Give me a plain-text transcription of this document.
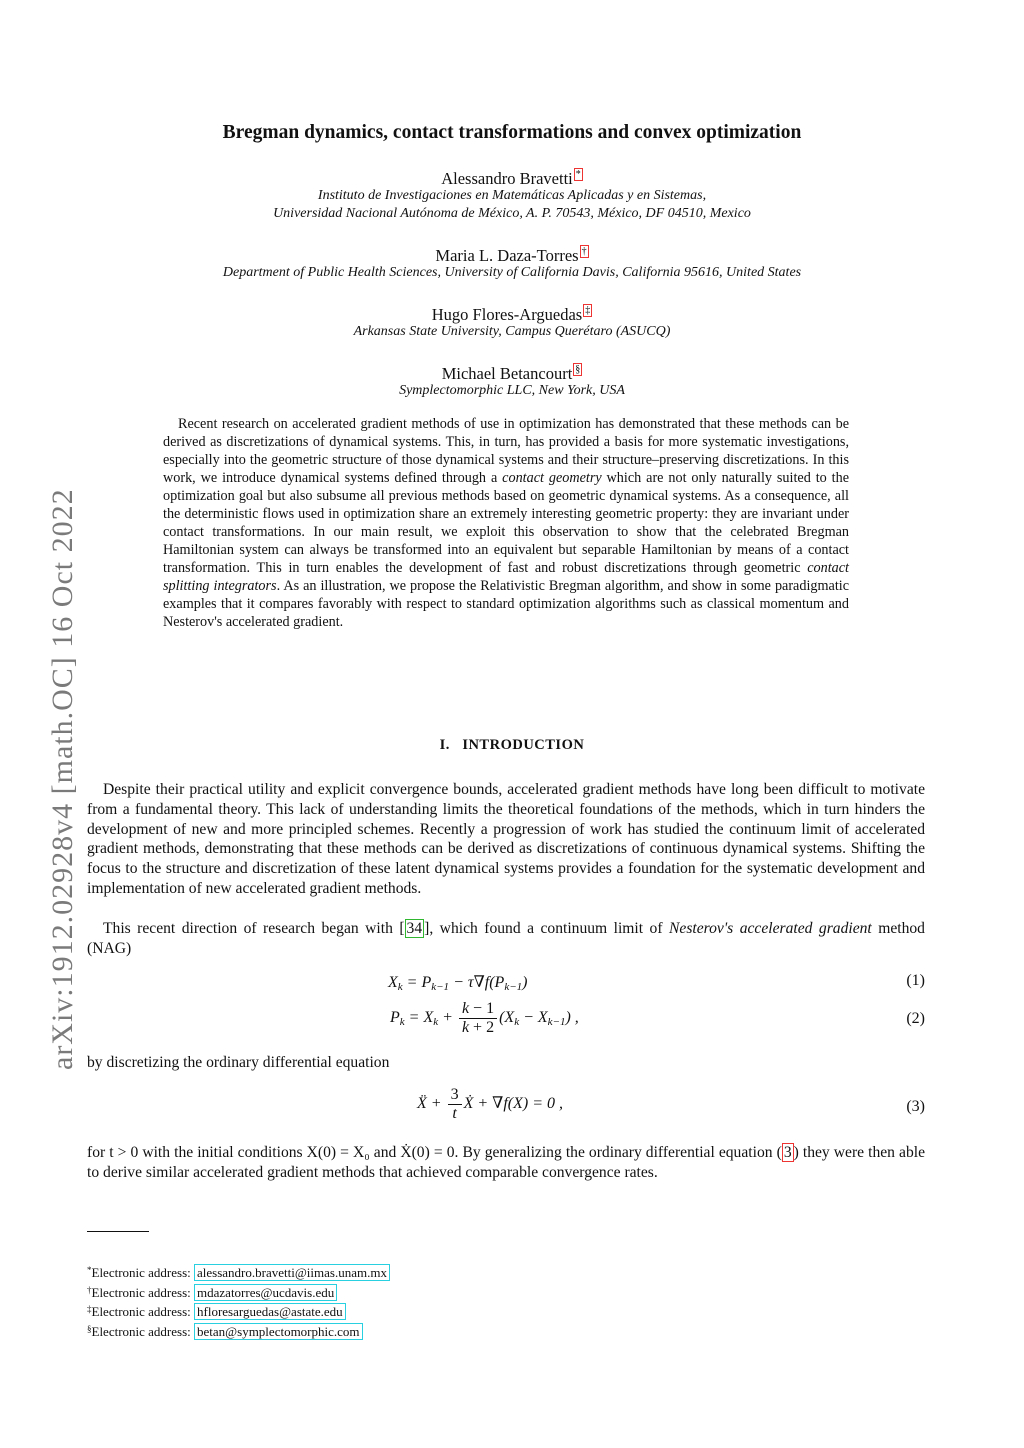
arXiv:1912.02928v4 [math.OC] 16 Oct 2022
Bregman dynamics, contact transformations and convex optimization
Alessandro Bravetti *
Instituto de Investigaciones en Matemáticas Aplicadas y en Sistemas,
Universidad Nacional Autónoma de México, A. P. 70543, México, DF 04510, Mexico
Maria L. Daza-Torres †
Department of Public Health Sciences, University of California Davis, California 95616, United States
Hugo Flores-Arguedas ‡
Arkansas State University, Campus Querétaro (ASUCQ)
Michael Betancourt §
Symplectomorphic LLC, New York, USA

Recent research on accelerated gradient methods of use in optimization has demonstrated that these methods can be derived as discretizations of dynamical systems. This, in turn, has provided a basis for more systematic investigations, especially into the geometric structure of those dynamical systems and their structure–preserving discretizations. In this work, we introduce dynamical systems defined through a contact geometry which are not only naturally suited to the optimization goal but also subsume all previous methods based on geometric dynamical systems. As a consequence, all the deterministic flows used in optimization share an extremely interesting geometric property: they are invariant under contact transformations. In our main result, we exploit this observation to show that the celebrated Bregman Hamiltonian system can always be transformed into an equivalent but separable Hamiltonian by means of a contact transformation. This in turn enables the development of fast and robust discretizations through geometric contact splitting integrators. As an illustration, we propose the Relativistic Bregman algorithm, and show in some paradigmatic examples that it compares favorably with respect to standard optimization algorithms such as classical momentum and Nesterov's accelerated gradient.

I. INTRODUCTION

Despite their practical utility and explicit convergence bounds, accelerated gradient methods have long been difficult to motivate from a fundamental theory. This lack of understanding limits the theoretical foundations of the methods, which in turn hinders the development of new and more principled schemes. Recently a progression of work has studied the continuum limit of accelerated gradient methods, demonstrating that these methods can be derived as discretizations of continuous dynamical systems. Shifting the focus to the structure and discretization of these latent dynamical systems provides a foundation for the systematic development and implementation of new accelerated gradient methods.

This recent direction of research began with [ 34 ], which found a continuum limit of Nesterov's accelerated gradient method (NAG)

Xk = Pk−1 − τ∇f(Pk−1)	(1)
$Pk = Xk + \frac{k - 1}{k + 2} (Xk - Xk-1)$ ,	(2)

by discretizing the ordinary differential equation

Ẍ + $\frac{3}{t}$ Ẋ + ∇f(X) = 0 ,	(3)

for t > 0 with the initial conditions X(0) = X₀ and Ẋ(0) = 0. By generalizing the ordinary differential equation ( 3 ) they were then able to derive similar accelerated gradient methods that achieved comparable convergence rates.

*Electronic address: alessandro.bravetti@iimas.unam.mx
†Electronic address: mdazatorres@ucdavis.edu
‡Electronic address: hfloresarguedas@astate.edu
§Electronic address: betan@symplectomorphic.com
